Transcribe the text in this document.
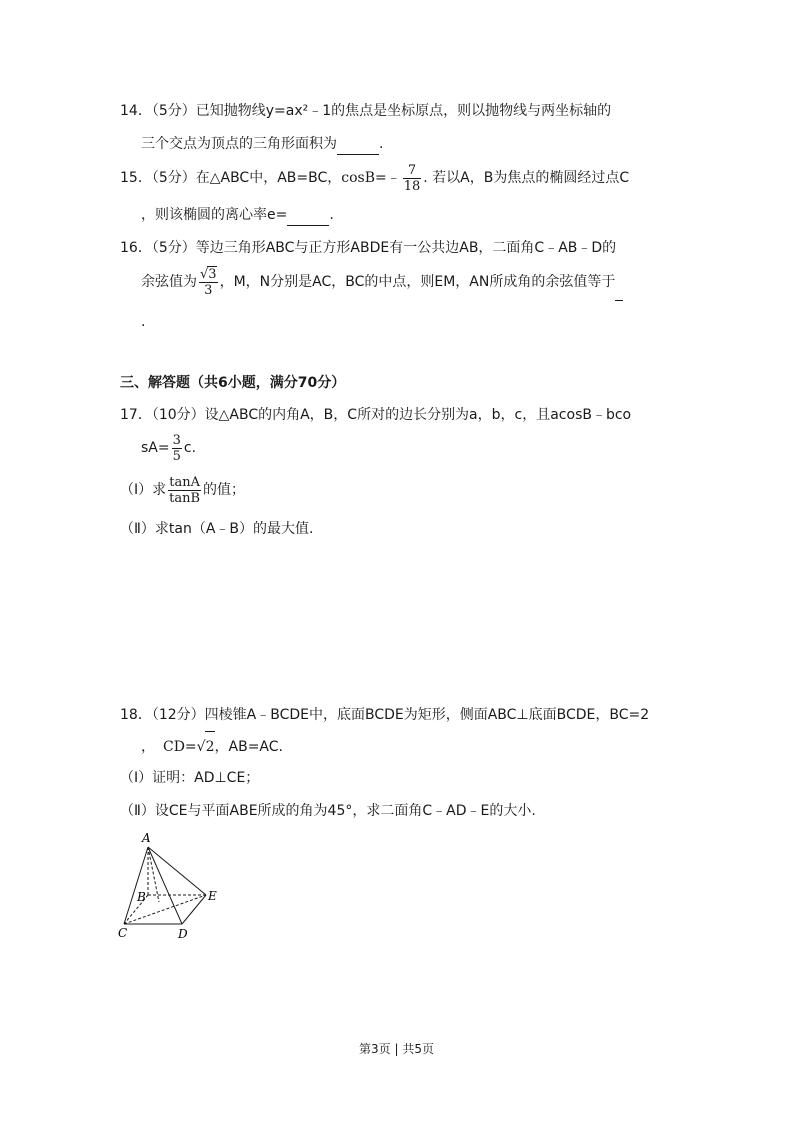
14．（5分）已知抛物线y=ax²﹣1的焦点是坐标原点，则以抛物线与两坐标轴的
三个交点为顶点的三角形面积为	.
15．（5分）在△ABC中，AB=BC，cosB=﹣ $\frac{7}{18}$ . 若以A，B为焦点的椭圆经过点C
，则该椭圆的离心率e=	.
16．（5分）等边三角形ABC与正方形ABDE有一公共边AB，二面角C﹣AB﹣D的
余弦值为 $\frac{√3}{3}$ ，M，N分别是AC，BC的中点，则EM，AN所成角的余弦值等于
.
三、解答题（共6小题，满分70分）
17．（10分）设△ABC的内角A，B，C所对的边长分别为a，b，c，且acosB﹣bco
$sA= \frac{3}{5} c$.
（Ⅰ）求 $\frac{\tan A}{\tan B}$ 的值；
（Ⅱ）求tan（A﹣B）的最大值.
18．（12分）四棱锥A﹣BCDE中，底面BCDE为矩形，侧面ABC⊥底面BCDE，BC=2
， CD=√2，AB=AC.
（Ⅰ）证明：AD⊥CE；
（Ⅱ）设CE与平面ABE所成的角为45°，求二面角C﹣AD﹣E的大小.
A
B
C	D
E
第3页 | 共5页
